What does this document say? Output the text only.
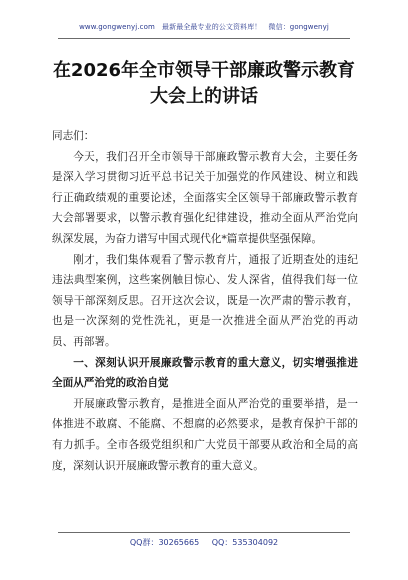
www.gongwenyj.com　最新最全最专业的公文资料库！　微信：gongwenyj
在2026年全市领导干部廉政警示教育大会上的讲话

同志们：

今天，我们召开全市领导干部廉政警示教育大会，主要任务是深入学习贯彻习近平总书记关于加强党的作风建设、树立和践行正确政绩观的重要论述，全面落实全区领导干部廉政警示教育大会部署要求，以警示教育强化纪律建设，推动全面从严治党向纵深发展，为奋力谱写中国式现代化*篇章提供坚强保障。

刚才，我们集体观看了警示教育片，通报了近期查处的违纪违法典型案例，这些案例触目惊心、发人深省，值得我们每一位领导干部深刻反思。召开这次会议，既是一次严肃的警示教育，也是一次深刻的党性洗礼，更是一次推进全面从严治党的再动员、再部署。

一、深刻认识开展廉政警示教育的重大意义，切实增强推进全面从严治党的政治自觉

开展廉政警示教育，是推进全面从严治党的重要举措，是一体推进不敢腐、不能腐、不想腐的必然要求，是教育保护干部的有力抓手。全市各级党组织和广大党员干部要从政治和全局的高度，深刻认识开展廉政警示教育的重大意义。

QQ群：30265665 QQ：535304092
